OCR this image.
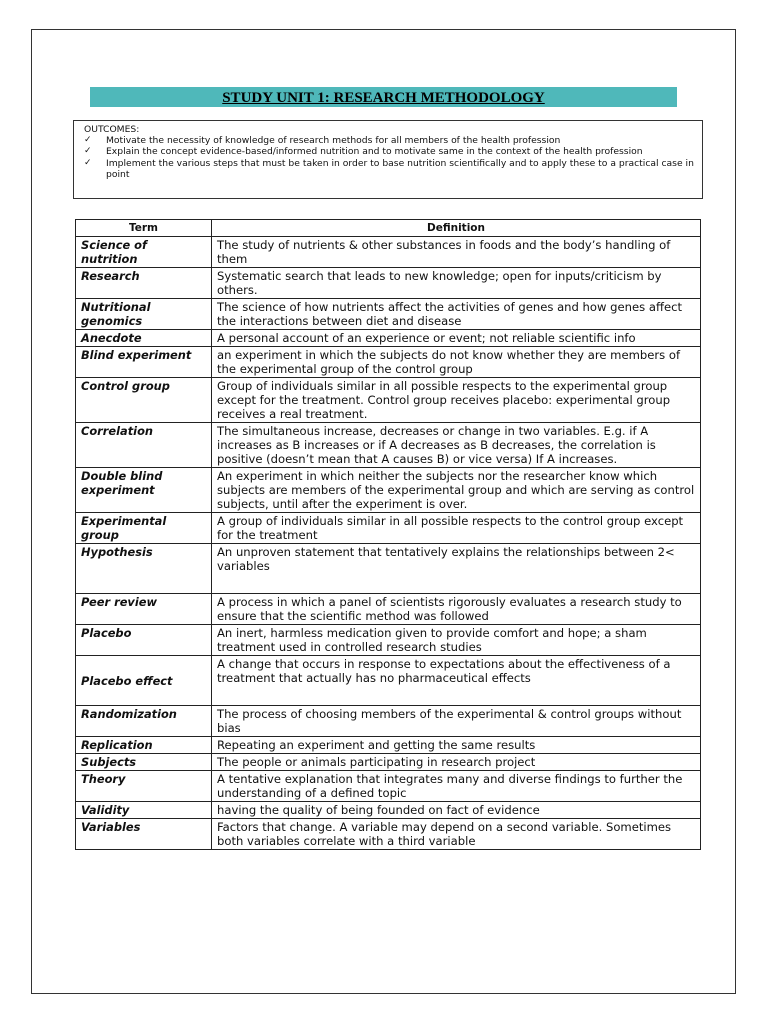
STUDY UNIT 1: RESEARCH METHODOLOGY
OUTCOMES:
✓ Motivate the necessity of knowledge of research methods for all members of the health profession
✓ Explain the concept evidence-based/informed nutrition and to motivate same in the context of the health profession
✓ Implement the various steps that must be taken in order to base nutrition scientifically and to apply these to a practical case in point
Term	Definition
Science of nutrition	The study of nutrients & other substances in foods and the body’s handling of them
Research	Systematic search that leads to new knowledge; open for inputs/criticism by others.
Nutritional genomics	The science of how nutrients affect the activities of genes and how genes affect the interactions between diet and disease
Anecdote	A personal account of an experience or event; not reliable scientific info
Blind experiment	an experiment in which the subjects do not know whether they are members of the experimental group of the control group
Control group	Group of individuals similar in all possible respects to the experimental group except for the treatment. Control group receives placebo: experimental group receives a real treatment.
Correlation	The simultaneous increase, decreases or change in two variables. E.g. if A increases as B increases or if A decreases as B decreases, the correlation is positive (doesn’t mean that A causes B) or vice versa) If A increases.
Double blind experiment	An experiment in which neither the subjects nor the researcher know which subjects are members of the experimental group and which are serving as control subjects, until after the experiment is over.
Experimental group	A group of individuals similar in all possible respects to the control group except for the treatment
Hypothesis	An unproven statement that tentatively explains the relationships between 2< variables
Peer review	A process in which a panel of scientists rigorously evaluates a research study to ensure that the scientific method was followed
Placebo	An inert, harmless medication given to provide comfort and hope; a sham treatment used in controlled research studies
Placebo effect	A change that occurs in response to expectations about the effectiveness of a treatment that actually has no pharmaceutical effects
Randomization	The process of choosing members of the experimental & control groups without bias
Replication	Repeating an experiment and getting the same results
Subjects	The people or animals participating in research project
Theory	A tentative explanation that integrates many and diverse findings to further the understanding of a defined topic
Validity	having the quality of being founded on fact of evidence
Variables	Factors that change. A variable may depend on a second variable. Sometimes both variables correlate with a third variable
